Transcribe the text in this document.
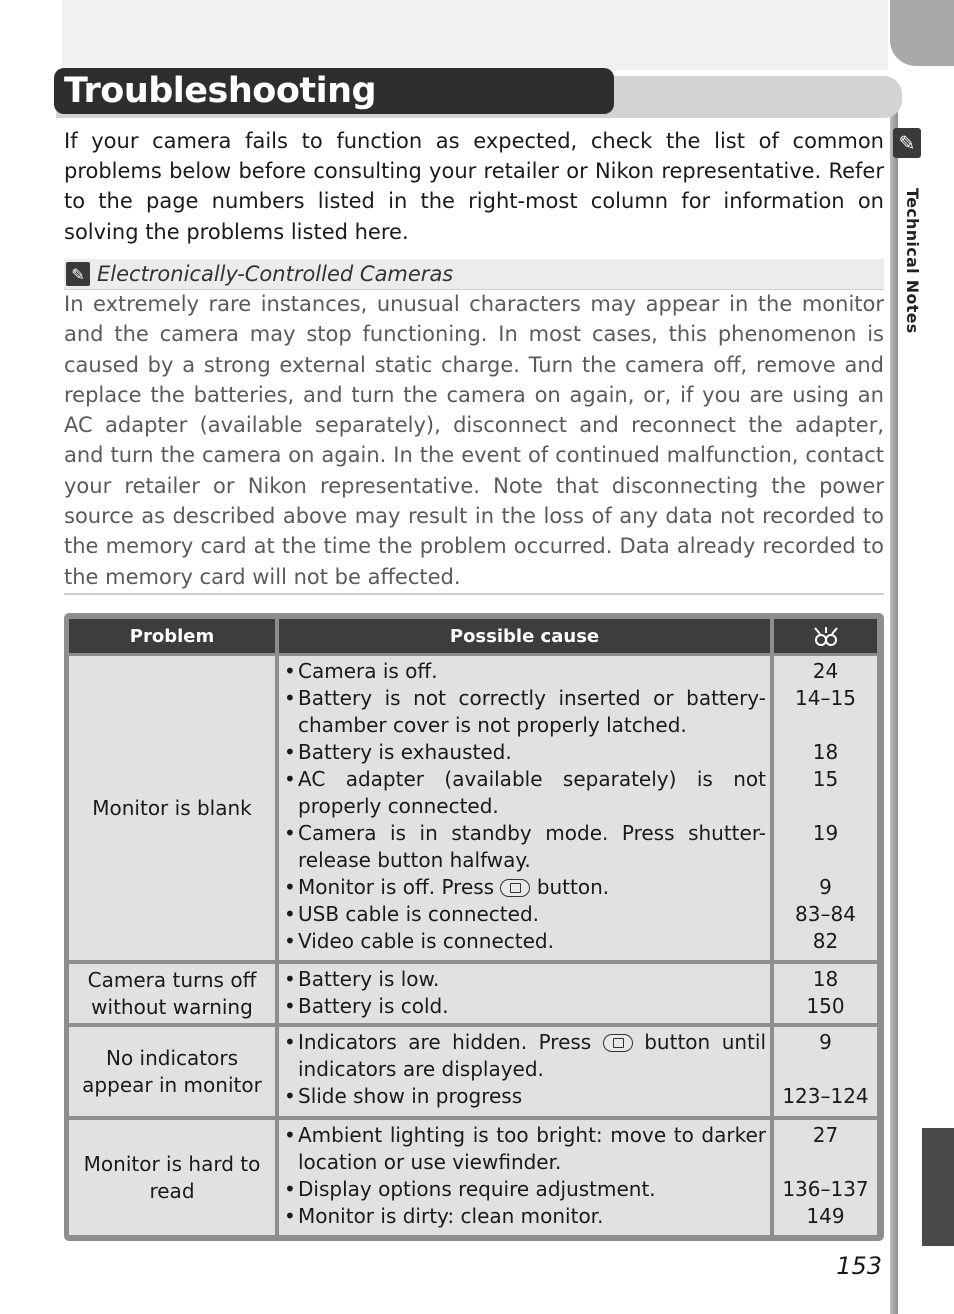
✎
Technical Notes
Troubleshooting

If your camera fails to function as expected, check the list of common problems below before consulting your retailer or Nikon representative. Refer to the page numbers listed in the right-most column for information on solving the problems listed here.

✎ Electronically-Controlled Cameras

In extremely rare instances, unusual characters may appear in the monitor and the camera may stop functioning. In most cases, this phenomenon is caused by a strong external static charge. Turn the camera off, remove and replace the batteries, and turn the camera on again, or, if you are using an AC adapter (available separately), disconnect and reconnect the adapter, and turn the camera on again. In the event of continued malfunction, contact your retailer or Nikon representative. Note that disconnecting the power source as described above may result in the loss of any data not recorded to the memory card at the time the problem occurred. Data already recorded to the memory card will not be affected.

Problem	Possible cause
Monitor is blank
• Camera is off.
• Battery is not correctly inserted or battery-chamber cover is not properly latched.
• Battery is exhausted.
• AC adapter (available separately) is not properly connected.
• Camera is in standby mode. Press shutter-release button halfway.
• Monitor is off. Press button.
• USB cable is connected.
• Video cable is connected.
24
14–15

18
15

19

9
83–84
82
Camera turns off without warning
• Battery is low.
• Battery is cold.
18
150
No indicators appear in monitor
• Indicators are hidden. Press	button until indicators are displayed.
• Slide show in progress
9

123–124
Monitor is hard to read
• Ambient lighting is too bright: move to darker location or use viewfinder.
• Display options require adjustment.
• Monitor is dirty: clean monitor.
27

136–137
149
153
